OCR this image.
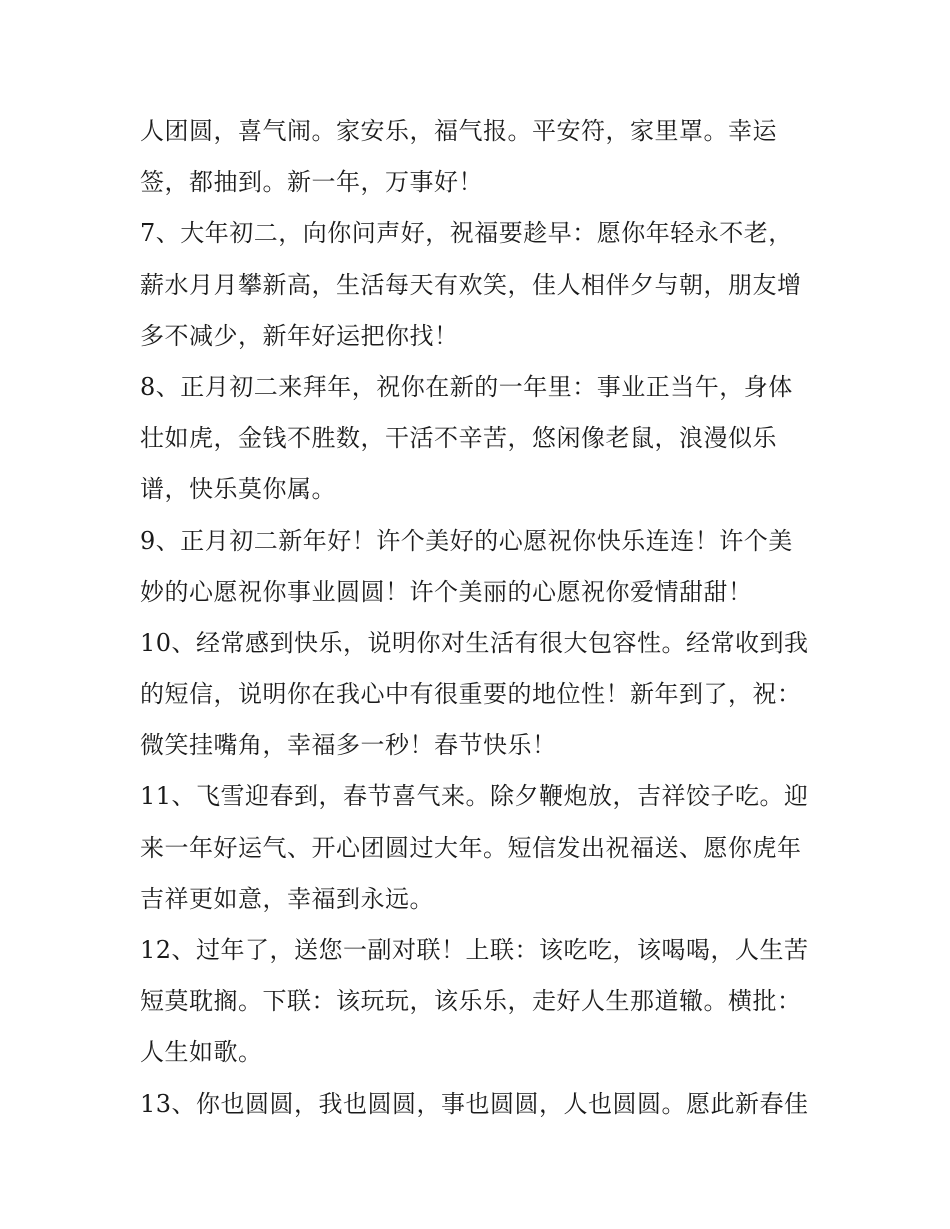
人团圆，喜气闹。家安乐，福气报。平安符，家里罩。幸运
签，都抽到。新一年，万事好！
7、大年初二，向你问声好，祝福要趁早：愿你年轻永不老，
薪水月月攀新高，生活每天有欢笑，佳人相伴夕与朝，朋友增
多不减少，新年好运把你找！
8、正月初二来拜年，祝你在新的一年里：事业正当午，身体
壮如虎，金钱不胜数，干活不辛苦，悠闲像老鼠，浪漫似乐
谱，快乐莫你属。
9、正月初二新年好！许个美好的心愿祝你快乐连连！许个美
妙的心愿祝你事业圆圆！许个美丽的心愿祝你爱情甜甜！
10、经常感到快乐，说明你对生活有很大包容性。经常收到我
的短信，说明你在我心中有很重要的地位性！新年到了，祝：
微笑挂嘴角，幸福多一秒！春节快乐！
11、飞雪迎春到，春节喜气来。除夕鞭炮放，吉祥饺子吃。迎
来一年好运气、开心团圆过大年。短信发出祝福送、愿你虎年
吉祥更如意，幸福到永远。
12、过年了，送您一副对联！上联：该吃吃，该喝喝，人生苦
短莫耽搁。下联：该玩玩，该乐乐，走好人生那道辙。横批：
人生如歌。
13、你也圆圆，我也圆圆，事也圆圆，人也圆圆。愿此新春佳
